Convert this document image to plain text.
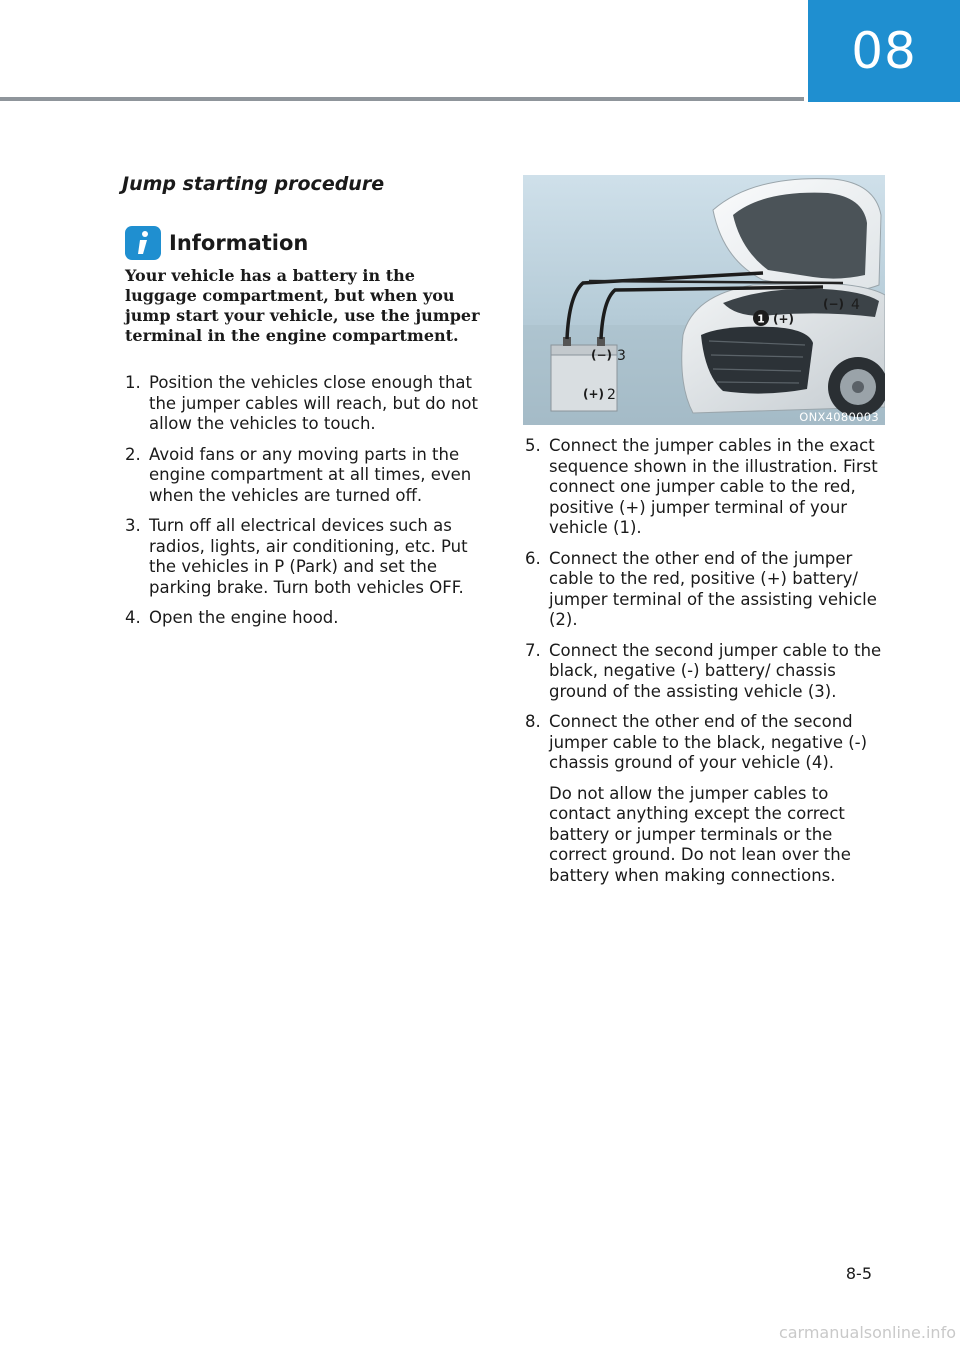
08
Jump starting procedure
Information
Your vehicle has a battery in the luggage compartment, but when you jump start your vehicle, use the jumper terminal in the engine compartment.
1. Position the vehicles close enough that the jumper cables will reach, but do not allow the vehicles to touch.
2. Avoid fans or any moving parts in the engine compartment at all times, even when the vehicles are turned off.
3. Turn off all electrical devices such as radios, lights, air conditioning, etc. Put the vehicles in P (Park) and set the parking brake. Turn both vehicles OFF.
4. Open the engine hood.
1 (+)
(−) 4
(−) 3
(+) 2
ONX4080003
5. Connect the jumper cables in the exact sequence shown in the illustration. First connect one jumper cable to the red, positive (+) jumper terminal of your vehicle (1).
6. Connect the other end of the jumper cable to the red, positive (+) battery/ jumper terminal of the assisting vehicle (2).
7. Connect the second jumper cable to the black, negative (-) battery/ chassis ground of the assisting vehicle (3).
8. Connect the other end of the second jumper cable to the black, negative (-) chassis ground of your vehicle (4).
Do not allow the jumper cables to contact anything except the correct battery or jumper terminals or the correct ground. Do not lean over the battery when making connections.
8-5
carmanualsonline.info
